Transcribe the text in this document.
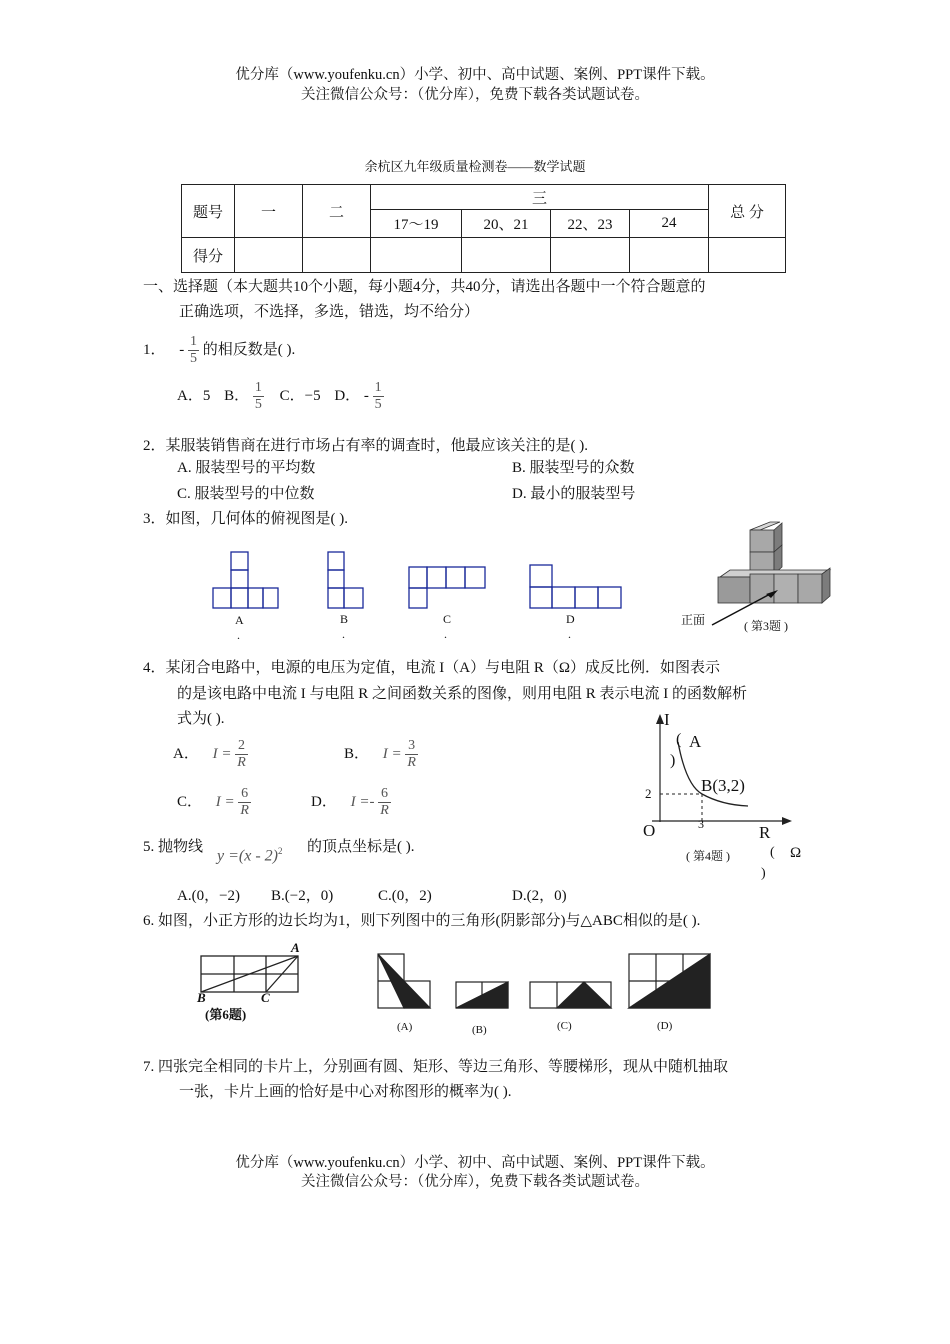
优分库（www.youfenku.cn）小学、初中、高中试题、案例、PPT课件下载。
关注微信公众号：（优分库），免费下载各类试题试卷。
余杭区九年级质量检测卷——数学试题
题号	一	二	三				总 分
			17～19	20、21	22、23	24	
得分							
一、选择题（本大题共10个小题，每小题4分，共40分，请选出各题中一个符合题意的
正确选项，不选择，多选，错选，均不给分）
1． - $\frac{1}{5}$ 的相反数是( ).
A．5 B． $\frac{1}{5}$ C．−5 D． - $\frac{1}{5}$
2．某服装销售商在进行市场占有率的调查时，他最应该关注的是( ).
A. 服装型号的平均数	B. 服装型号的众数
C. 服装型号的中位数	D. 最小的服装型号
3．如图，几何体的俯视图是( ).
A
.
B
.
C
.
D
.
正面	( 第3题 )
4．某闭合电路中，电源的电压为定值，电流 I（A）与电阻 R（Ω）成反比例．如图表示
的是该电路中电流 I 与电阻 R 之间函数关系的图像，则用电阻 R 表示电流 I 的函数解析
式为( ).
A． $I = \frac{2}{R}$	B． $I = \frac{3}{R}$
C． $I = \frac{6}{R}$	D． $I =- \frac{6}{R}$
I
( A
)
2	B(3,2)
O	3	R
( 第4题 )	( Ω
)
5. 抛物线
y =(x - 2)$^2$ 的顶点坐标是( ).
A.(0，−2) B.(−2，0)	C.(0，2)	D.(2，0)
6. 如图，小正方形的边长均为1，则下列图中的三角形(阴影部分)与△ABC相似的是( ).
A
B	C
(第6题)
(A)	(B)	(C)	(D)
7. 四张完全相同的卡片上，分别画有圆、矩形、等边三角形、等腰梯形，现从中随机抽取
一张，卡片上画的恰好是中心对称图形的概率为( ).
优分库（www.youfenku.cn）小学、初中、高中试题、案例、PPT课件下载。
关注微信公众号：（优分库），免费下载各类试题试卷。
